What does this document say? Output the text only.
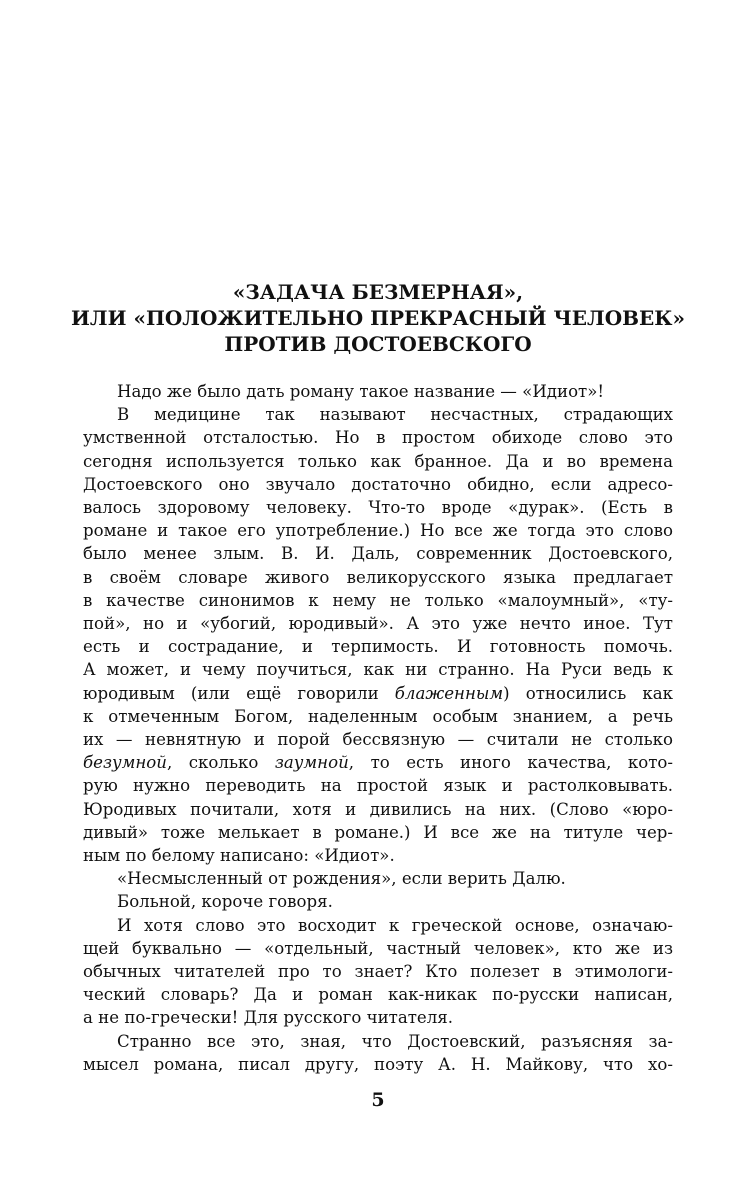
«ЗАДАЧА БЕЗМЕРНАЯ»,
ИЛИ «ПОЛОЖИТЕЛЬНО ПРЕКРАСНЫЙ ЧЕЛОВЕК»
ПРОТИВ ДОСТОЕВСКОГО
Надо же было дать роману такое название — «Идиот»!
В медицине так называют несчастных, страдающих
умственной отсталостью. Но в простом обиходе слово это
сегодня используется только как бранное. Да и во времена
Достоевского оно звучало достаточно обидно, если адресо-
валось здоровому человеку. Что-то вроде «дурак». (Есть в
романе и такое его употребление.) Но все же тогда это слово
было менее злым. В. И. Даль, современник Достоевского,
в своём словаре живого великорусского языка предлагает
в качестве синонимов к нему не только «малоумный», «ту-
пой», но и «убогий, юродивый». А это уже нечто иное. Тут
есть и сострадание, и терпимость. И готовность помочь.
А может, и чему поучиться, как ни странно. На Руси ведь к
юродивым (или ещё говорили блаженным) относились как
к отмеченным Богом, наделенным особым знанием, а речь
их — невнятную и порой бессвязную — считали не столько
безумной, сколько заумной, то есть иного качества, кото-
рую нужно переводить на простой язык и растолковывать.
Юродивых почитали, хотя и дивились на них. (Слово «юро-
дивый» тоже мелькает в романе.) И все же на титуле чер-
ным по белому написано: «Идиот».
«Несмысленный от рождения», если верить Далю.
Больной, короче говоря.
И хотя слово это восходит к греческой основе, означаю-
щей буквально — «отдельный, частный человек», кто же из
обычных читателей про то знает? Кто полезет в этимологи-
ческий словарь? Да и роман как-никак по-русски написан,
а не по-гречески! Для русского читателя.
Странно все это, зная, что Достоевский, разъясняя за-
мысел романа, писал другу, поэту А. Н. Майкову, что хо-
5
